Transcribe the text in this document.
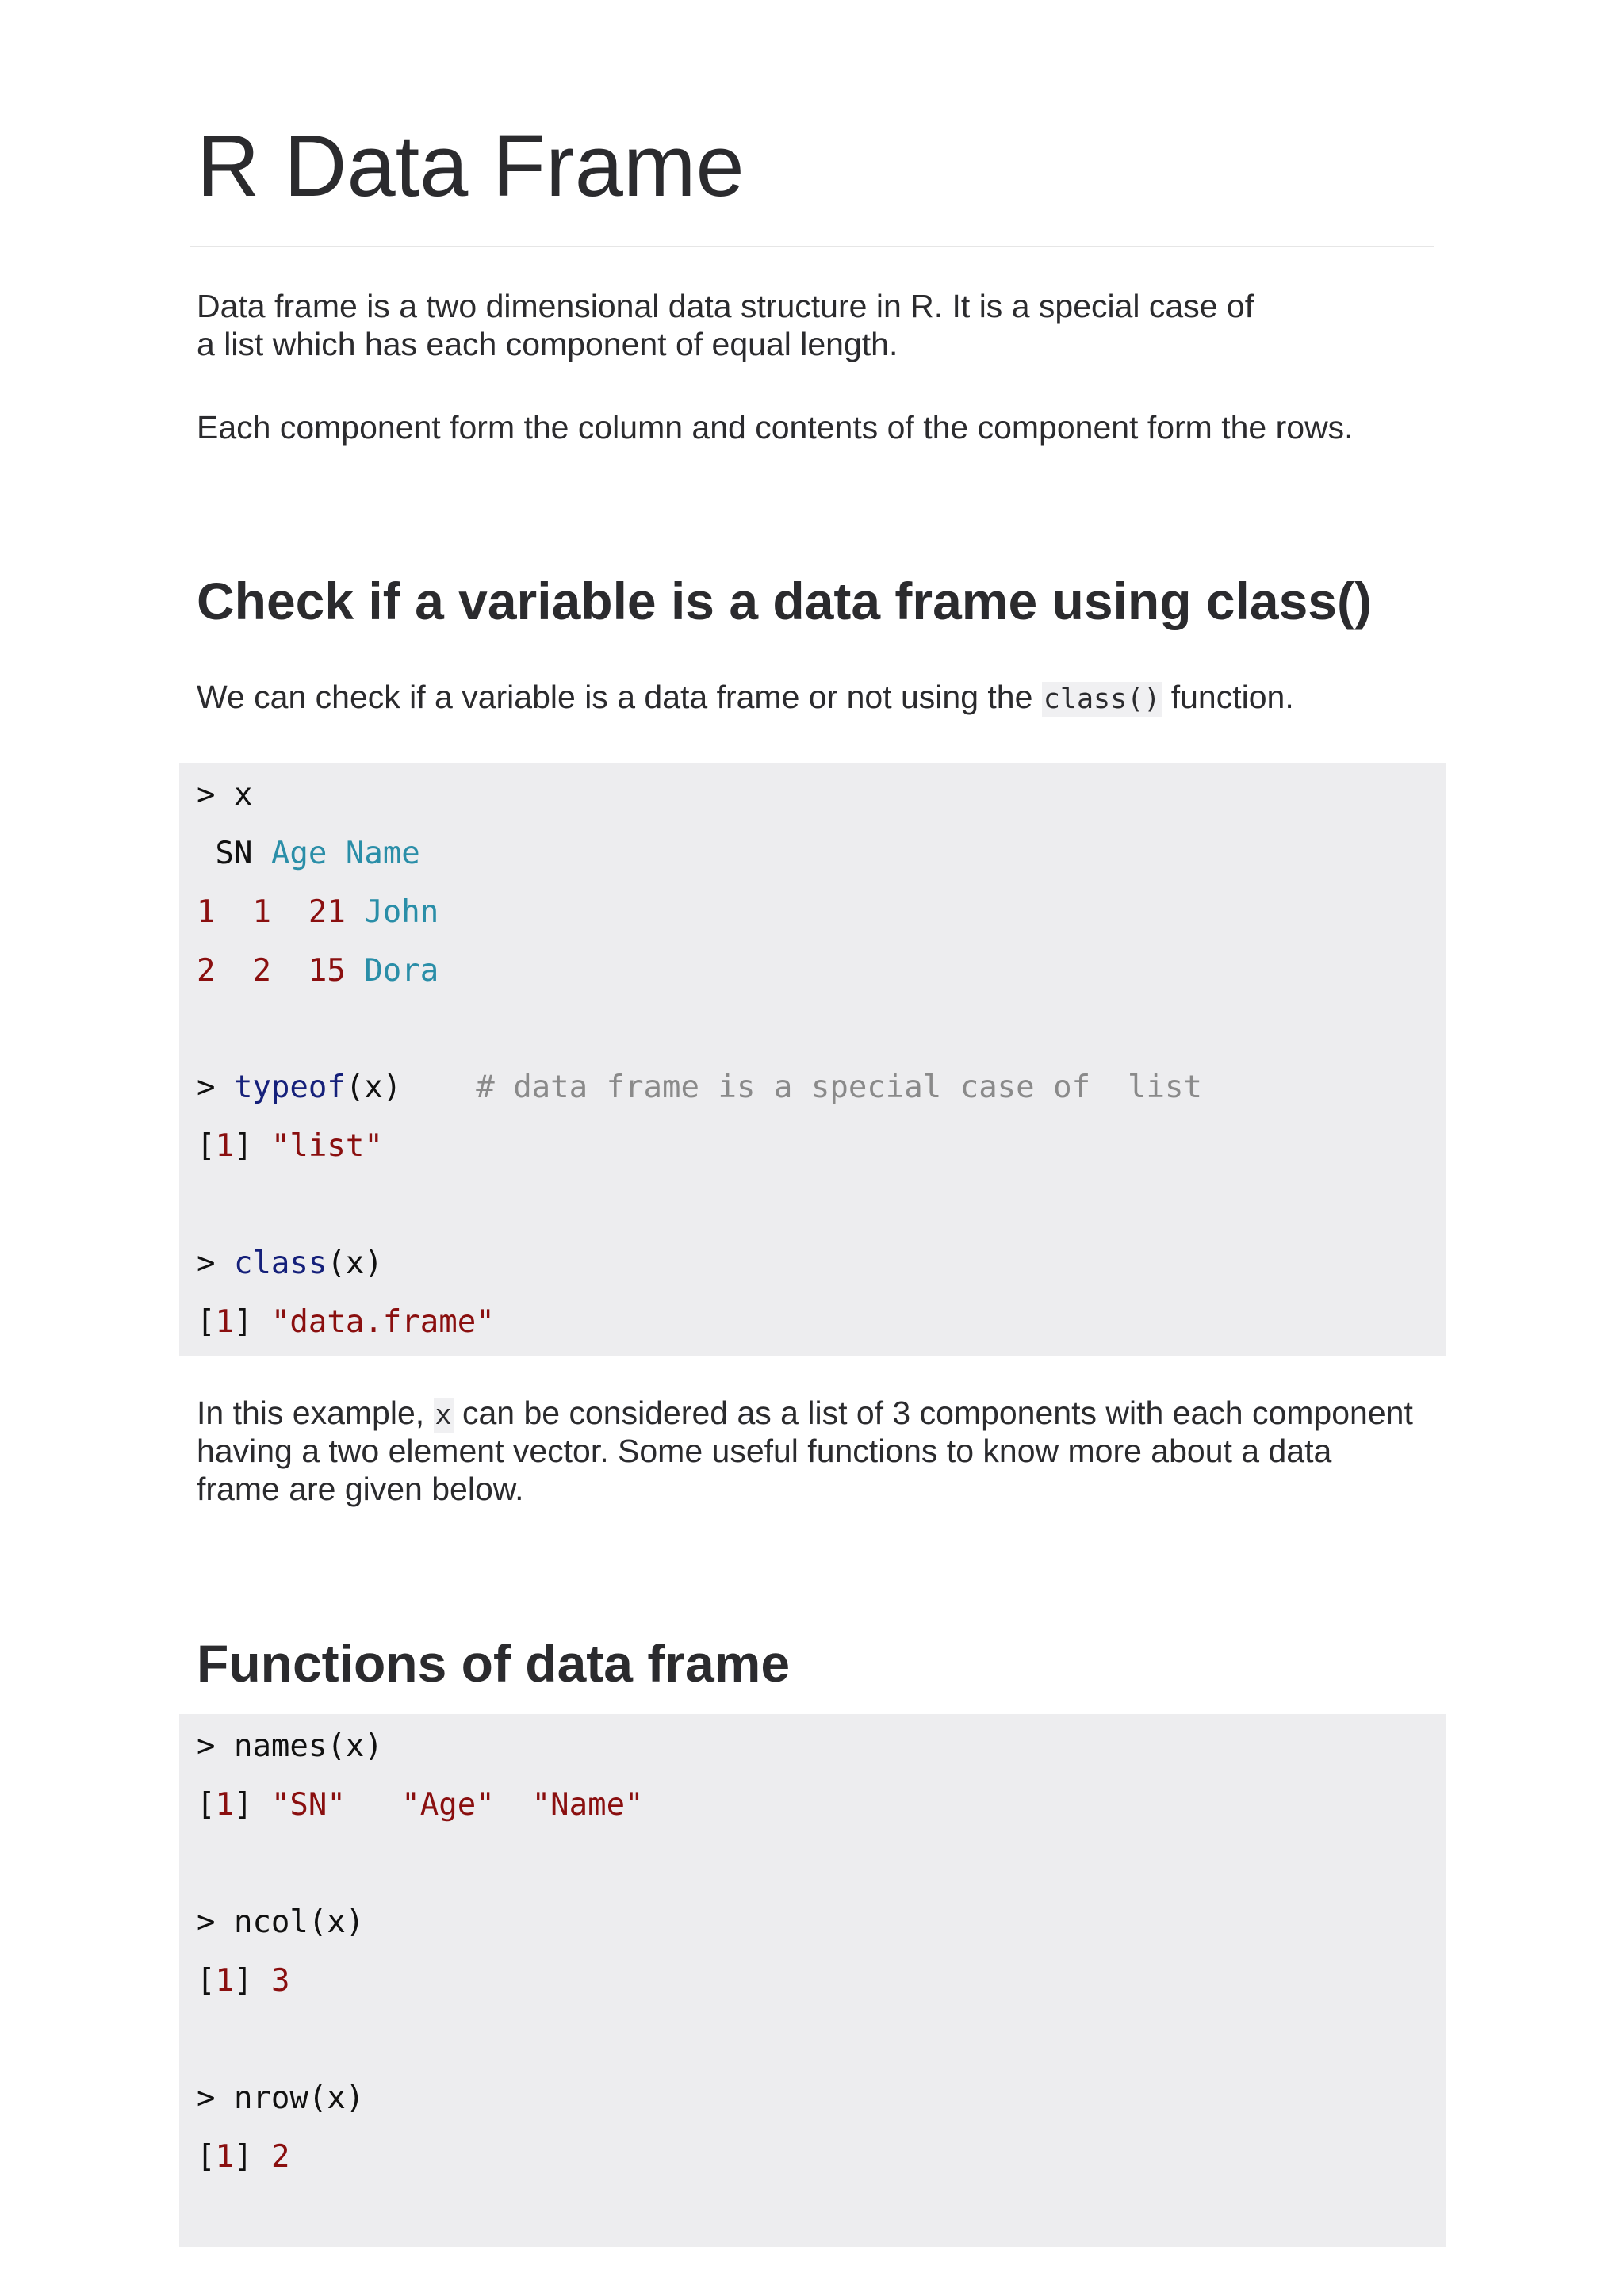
R Data Frame

Data frame is a two dimensional data structure in R. It is a special case of

a list which has each component of equal length.

Each component form the column and contents of the component form the rows.

Check if a variable is a data frame using class()

We can check if a variable is a data frame or not using the class() function.

> x
SN Age Name
1  1  21 John
2  2  15 Dora
> typeof(x)    # data frame is a special case of  list
[1] "list"
> class(x)
[1] "data.frame"

In this example, x can be considered as a list of 3 components with each component

having a two element vector. Some useful functions to know more about a data

frame are given below.

Functions of data frame
> names(x)
[1] "SN"   "Age"  "Name"
> ncol(x)
[1] 3
> nrow(x)
[1] 2
